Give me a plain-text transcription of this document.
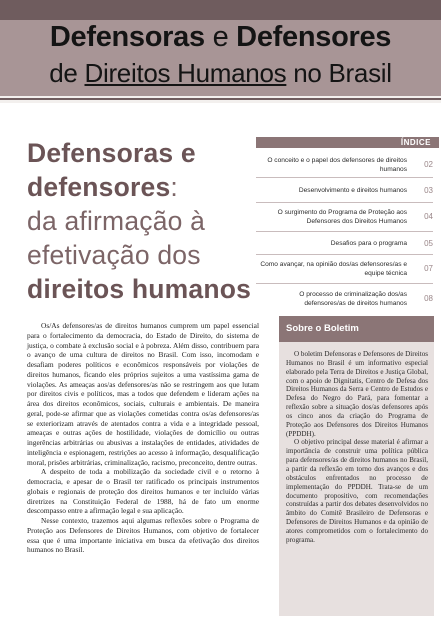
Defensoras e Defensores
de Direitos Humanos no Brasil
Defensoras e
defensores:
da afirmação à
efetivação dos
direitos humanos
ÍNDICE
O conceito e o papel dos defensores de direitos humanos	02
Desenvolvimento e direitos humanos	03
O surgimento do Programa de Proteção aos Defensores dos Direitos Humanos	04
Desafios para o programa	05
Como avançar, na opinião dos/as defensores/as e equipe técnica	07
O processo de criminalização dos/as defensores/as de direitos humanos	08

Os/As defensores/as de direitos humanos cumprem um papel essencial para o fortalecimento da democracia, do Estado de Direito, do sistema de justiça, o combate à exclusão social e à pobreza. Além disso, contribuem para o avanço de uma cultura de direitos no Brasil. Com isso, incomodam e desafiam poderes políticos e econômicos responsáveis por violações de direitos humanos, ficando eles próprios sujeitos a uma vastíssima gama de violações. As ameaças aos/as defensores/as não se restringem aos que lutam por direitos civis e políticos, mas a todos que defendem e lideram ações na área dos direitos econômicos, sociais, culturais e ambientais. De maneira geral, pode-se afirmar que as violações cometidas contra os/as defensores/as se exteriorizam através de atentados contra a vida e a integridade pessoal, ameaças e outras ações de hostilidade, violações de domicílio ou outras ingerências arbitrárias ou abusivas a instalações de entidades, atividades de inteligência e espionagem, restrições ao acesso à informação, desqualificação moral, prisões arbitrárias, criminalização, racismo, preconceito, dentre outras.

A despeito de toda a mobilização da sociedade civil e o retorno à democracia, e apesar de o Brasil ter ratificado os principais instrumentos globais e regionais de proteção dos direitos humanos e ter incluído várias diretrizes na Constituição Federal de 1988, há de fato um enorme descompasso entre a afirmação legal e sua aplicação.

Nesse contexto, trazemos aqui algumas reflexões sobre o Programa de Proteção aos Defensores de Direitos Humanos, com objetivo de fortalecer essa que é uma importante iniciativa em busca da efetivação dos direitos humanos no Brasil.

Sobre o Boletim

O boletim Defensoras e Defensores de Direitos Humanos no Brasil é um informativo especial elaborado pela Terra de Direitos e Justiça Global, com o apoio de Dignitatis, Centro de Defesa dos Direitos Humanos da Serra e Centro de Estudos e Defesa do Negro do Pará, para fomentar a reflexão sobre a situação dos/as defensores após os cinco anos da criação do Programa de Proteção aos Defensores dos Direitos Humanos (PPDDH).

O objetivo principal desse material é afirmar a importância de construir uma política pública para defensores/as de direitos humanos no Brasil, a partir da reflexão em torno dos avanços e dos obstáculos enfrentados no processo de implementação do PPDDH. Trata-se de um documento propositivo, com recomendações construídas a partir dos debates desenvolvidos no âmbito do Comitê Brasileiro de Defensoras e Defensores de Direitos Humanos e da opinião de atores comprometidos com o fortalecimento do programa.
